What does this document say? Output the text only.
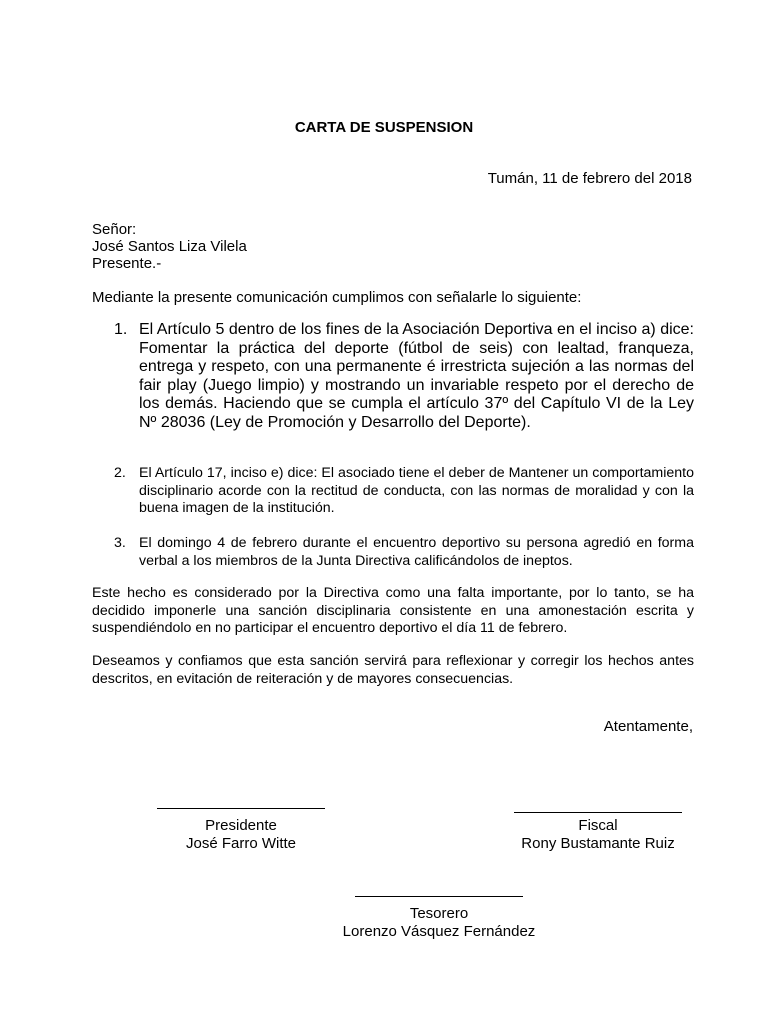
CARTA DE SUSPENSION
Tumán, 11 de febrero del 2018
Señor:
José Santos Liza Vilela
Presente.-
Mediante la presente comunicación cumplimos con señalarle lo siguiente:
1. El Artículo 5 dentro de los fines de la Asociación Deportiva en el inciso a) dice: Fomentar la práctica del deporte (fútbol de seis) con lealtad, franqueza, entrega y respeto, con una permanente é irrestricta sujeción a las normas del fair play (Juego limpio) y mostrando un invariable respeto por el derecho de los demás. Haciendo que se cumpla el artículo 37º del Capítulo VI de la Ley Nº 28036 (Ley de Promoción y Desarrollo del Deporte).
2. El Artículo 17, inciso e) dice: El asociado tiene el deber de Mantener un comportamiento disciplinario acorde con la rectitud de conducta, con las normas de moralidad y con la buena imagen de la institución.
3. El domingo 4 de febrero durante el encuentro deportivo su persona agredió en forma verbal a los miembros de la Junta Directiva calificándolos de ineptos.
Este hecho es considerado por la Directiva como una falta importante, por lo tanto, se ha decidido imponerle una sanción disciplinaria consistente en una amonestación escrita y suspendiéndolo en no participar el encuentro deportivo el día 11 de febrero.
Deseamos y confiamos que esta sanción servirá para reflexionar y corregir los hechos antes descritos, en evitación de reiteración y de mayores consecuencias.
Atentamente,
Presidente
José Farro Witte
Fiscal
Rony Bustamante Ruiz
Tesorero
Lorenzo Vásquez Fernández
